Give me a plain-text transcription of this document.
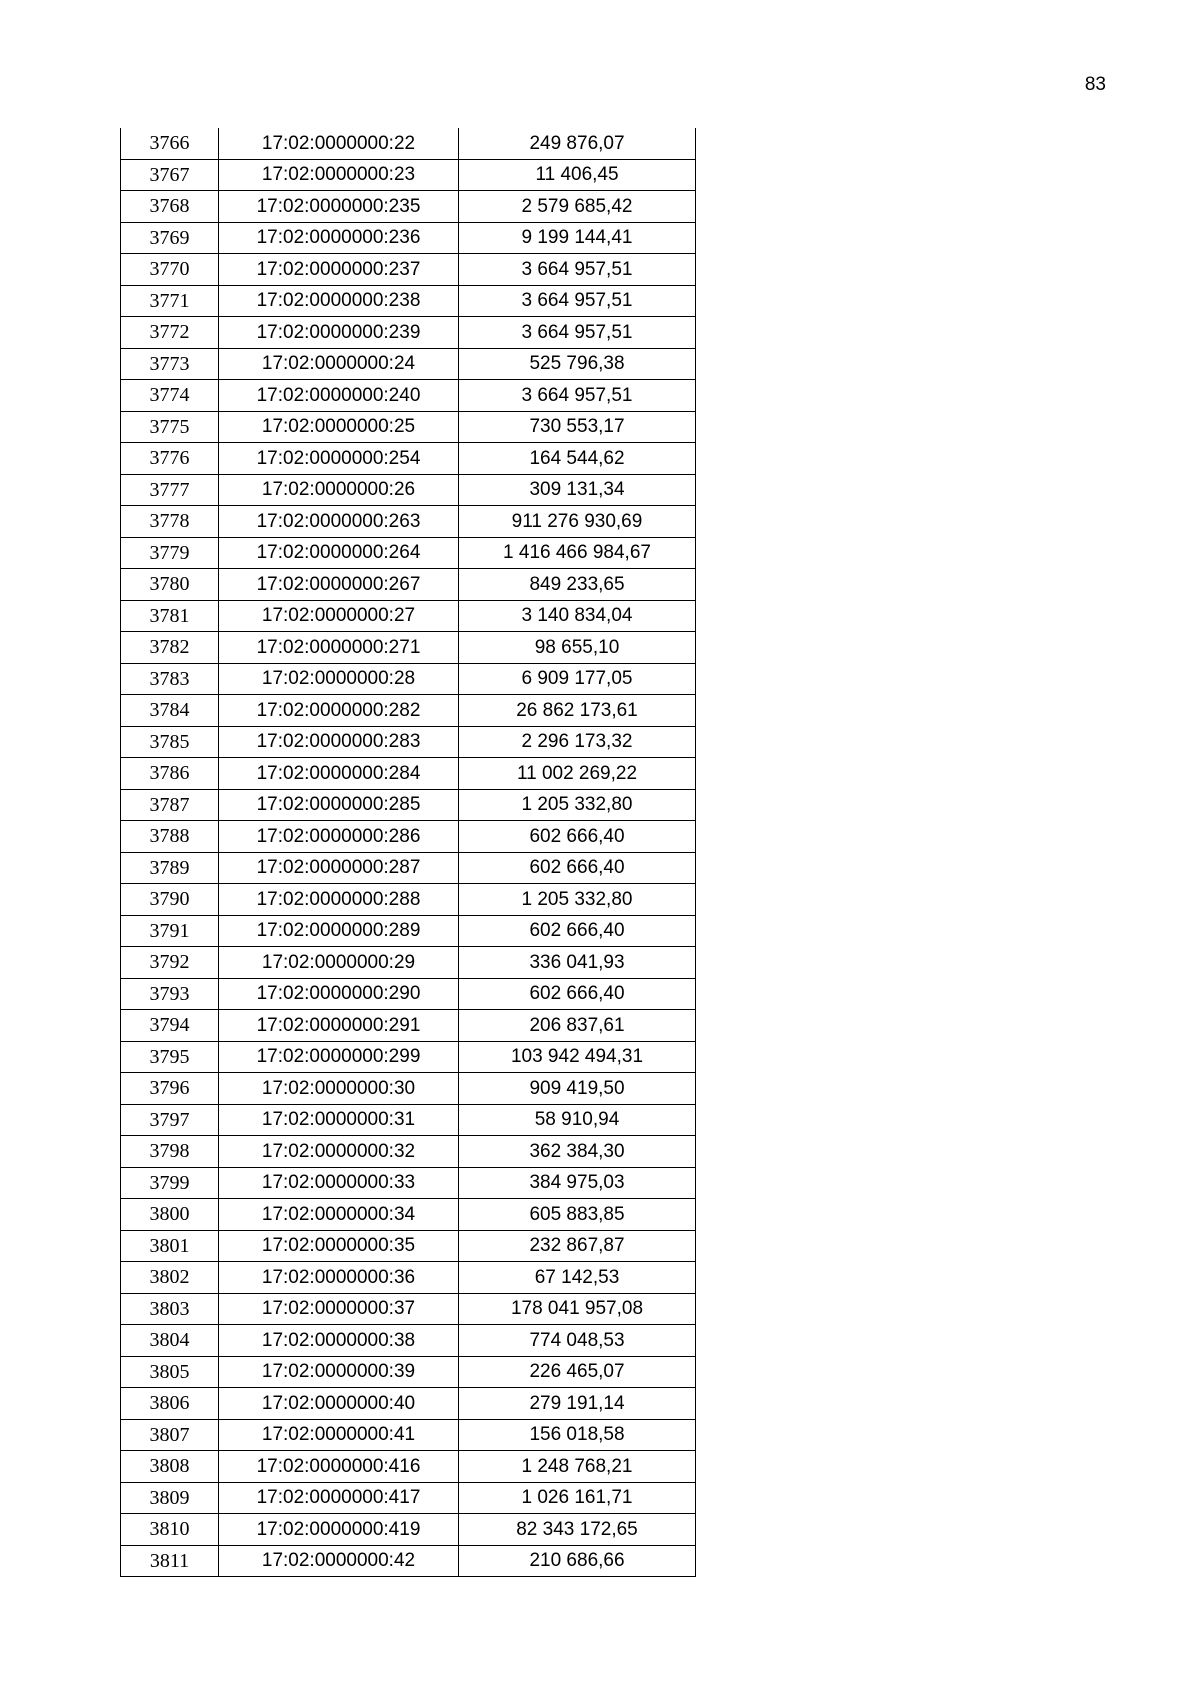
83
3766	17:02:0000000:22	249 876,07
3767	17:02:0000000:23	11 406,45
3768	17:02:0000000:235	2 579 685,42
3769	17:02:0000000:236	9 199 144,41
3770	17:02:0000000:237	3 664 957,51
3771	17:02:0000000:238	3 664 957,51
3772	17:02:0000000:239	3 664 957,51
3773	17:02:0000000:24	525 796,38
3774	17:02:0000000:240	3 664 957,51
3775	17:02:0000000:25	730 553,17
3776	17:02:0000000:254	164 544,62
3777	17:02:0000000:26	309 131,34
3778	17:02:0000000:263	911 276 930,69
3779	17:02:0000000:264	1 416 466 984,67
3780	17:02:0000000:267	849 233,65
3781	17:02:0000000:27	3 140 834,04
3782	17:02:0000000:271	98 655,10
3783	17:02:0000000:28	6 909 177,05
3784	17:02:0000000:282	26 862 173,61
3785	17:02:0000000:283	2 296 173,32
3786	17:02:0000000:284	11 002 269,22
3787	17:02:0000000:285	1 205 332,80
3788	17:02:0000000:286	602 666,40
3789	17:02:0000000:287	602 666,40
3790	17:02:0000000:288	1 205 332,80
3791	17:02:0000000:289	602 666,40
3792	17:02:0000000:29	336 041,93
3793	17:02:0000000:290	602 666,40
3794	17:02:0000000:291	206 837,61
3795	17:02:0000000:299	103 942 494,31
3796	17:02:0000000:30	909 419,50
3797	17:02:0000000:31	58 910,94
3798	17:02:0000000:32	362 384,30
3799	17:02:0000000:33	384 975,03
3800	17:02:0000000:34	605 883,85
3801	17:02:0000000:35	232 867,87
3802	17:02:0000000:36	67 142,53
3803	17:02:0000000:37	178 041 957,08
3804	17:02:0000000:38	774 048,53
3805	17:02:0000000:39	226 465,07
3806	17:02:0000000:40	279 191,14
3807	17:02:0000000:41	156 018,58
3808	17:02:0000000:416	1 248 768,21
3809	17:02:0000000:417	1 026 161,71
3810	17:02:0000000:419	82 343 172,65
3811	17:02:0000000:42	210 686,66
